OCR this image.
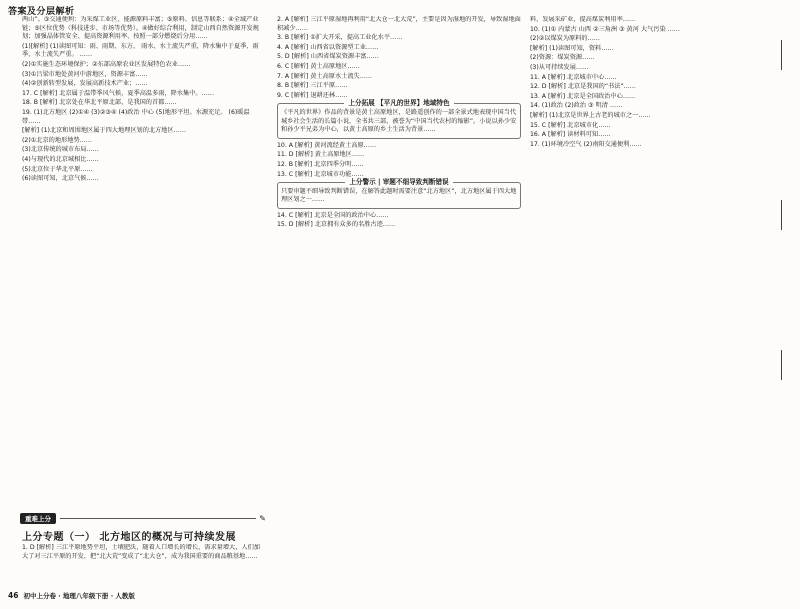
答案及分层解析

两山”。③交通便利：为采煤工业区、能源原料丰富；⑤原料、信息等联系；④全域产业链；⑤区位优势（科技进步、市场等优势）。④做好综合利用，制定山西自然资源开发规划；加强晶体管安全、提高资源利用率、按照一部分燃烧后分用……

(1)[解析] (1)读图可知：雨、雨期、东方。 雨水、水土流失严重，降水集中于夏季、雨季，水土流失严重。 ……

(2)①实施生态环境保护；②东部高原农业区发展特色农业……

(3)①吕梁市地处黄河中游地区，资源丰富……

(4)②创新转型发展，发展高新技术产业；……

17. C [解析] 北京属于温带季风气候，夏季高温多雨，降水集中。……

18. B [解析] 北京处在华北平原北部，是我国的首都……

19. (1)北方地区 (2)①④ (3)②③④ (4)政治 中心 (5)地形平坦。水源充足。 (6)暖温带……

[解析] (1)北京和周围地区属于四大地理区划的北方地区……

(2)①北京的地形地势……

(3)北京传统的城市布局……

(4)与现代的北京城相比……

(5)北京位于华北平原……

(6)读图可知，北京气候……

重难上分	✎
上分专题（一） 北方地区的概况与可持续发展

1. D [解析] 三江平原地势平坦，土壤肥沃，随着人口增长的增长，需求量增大，人们加大了对三江平原的开发，把“北大荒”变成了“北大仓”，成为我国重要的商品粮基地……

46 初中上分卷 · 地理八年级下册 · 人教版

2. A [解析] 三江平原湿地再利用“北大仓一北大荒”，主要是因为湿地的开发，导致湿地面积减少……

3. B [解析] ①扩大开采，提高工业化水平……

4. A [解析] 山西省以资源型工业……

5. D [解析] 山西省煤炭资源丰富……

6. C [解析] 黄土高原地区……

7. A [解析] 黄土高原水土流失……

8. B [解析] 三江平原……

9. C [解析] 退耕还林……

上分拓展 【平凡的世界】地域特色

《平凡的世界》作品的背景是黄土高原地区，是路遥创作的一部全景式地表现中国当代城乡社会生活的长篇小说，全书共三部，被誉为“中国当代农村的缩影”。小说以孙少安和孙少平兄弟为中心，以黄土高原的乡土生活为背景……

10. A [解析] 黄河流经黄土高原……

11. D [解析] 黄土高原地区……

12. B [解析] 北京四季分明……

13. C [解析] 北京城市功能……

上分警示 | 审题不细导致判断错误

只要审题不细导致判断错误，在解答此题时需要注意“北方地区”，北方地区属于四大地理区划之一……

14. C [解析] 北京是全国的政治中心……

15. D [解析] 北京拥有众多的名胜古迹……

料，发展采矿业，提高煤炭利用率……

10. (1)① 内蒙古 山西 ②三角洲 ③ 黄河 大气污染 ……

(2)②以煤炭为原料的……

[解析] (1)读图可知，资料……

(2)资源：煤炭资源……

(3)从可持续发展……

11. A [解析] 北京城市中心……

12. D [解析] 北京是我国的“书法”……

13. A [解析] 北京是全国政治中心……

14. (1)政治 (2)政治 ③ 明清 ……

[解析] (1)北京是世界上古老的城市之一……

15. C [解析] 北京城市化……

16. A [解析] 读材料可知……

17. (1)环境冷空气 (2)南阳交通便利……
